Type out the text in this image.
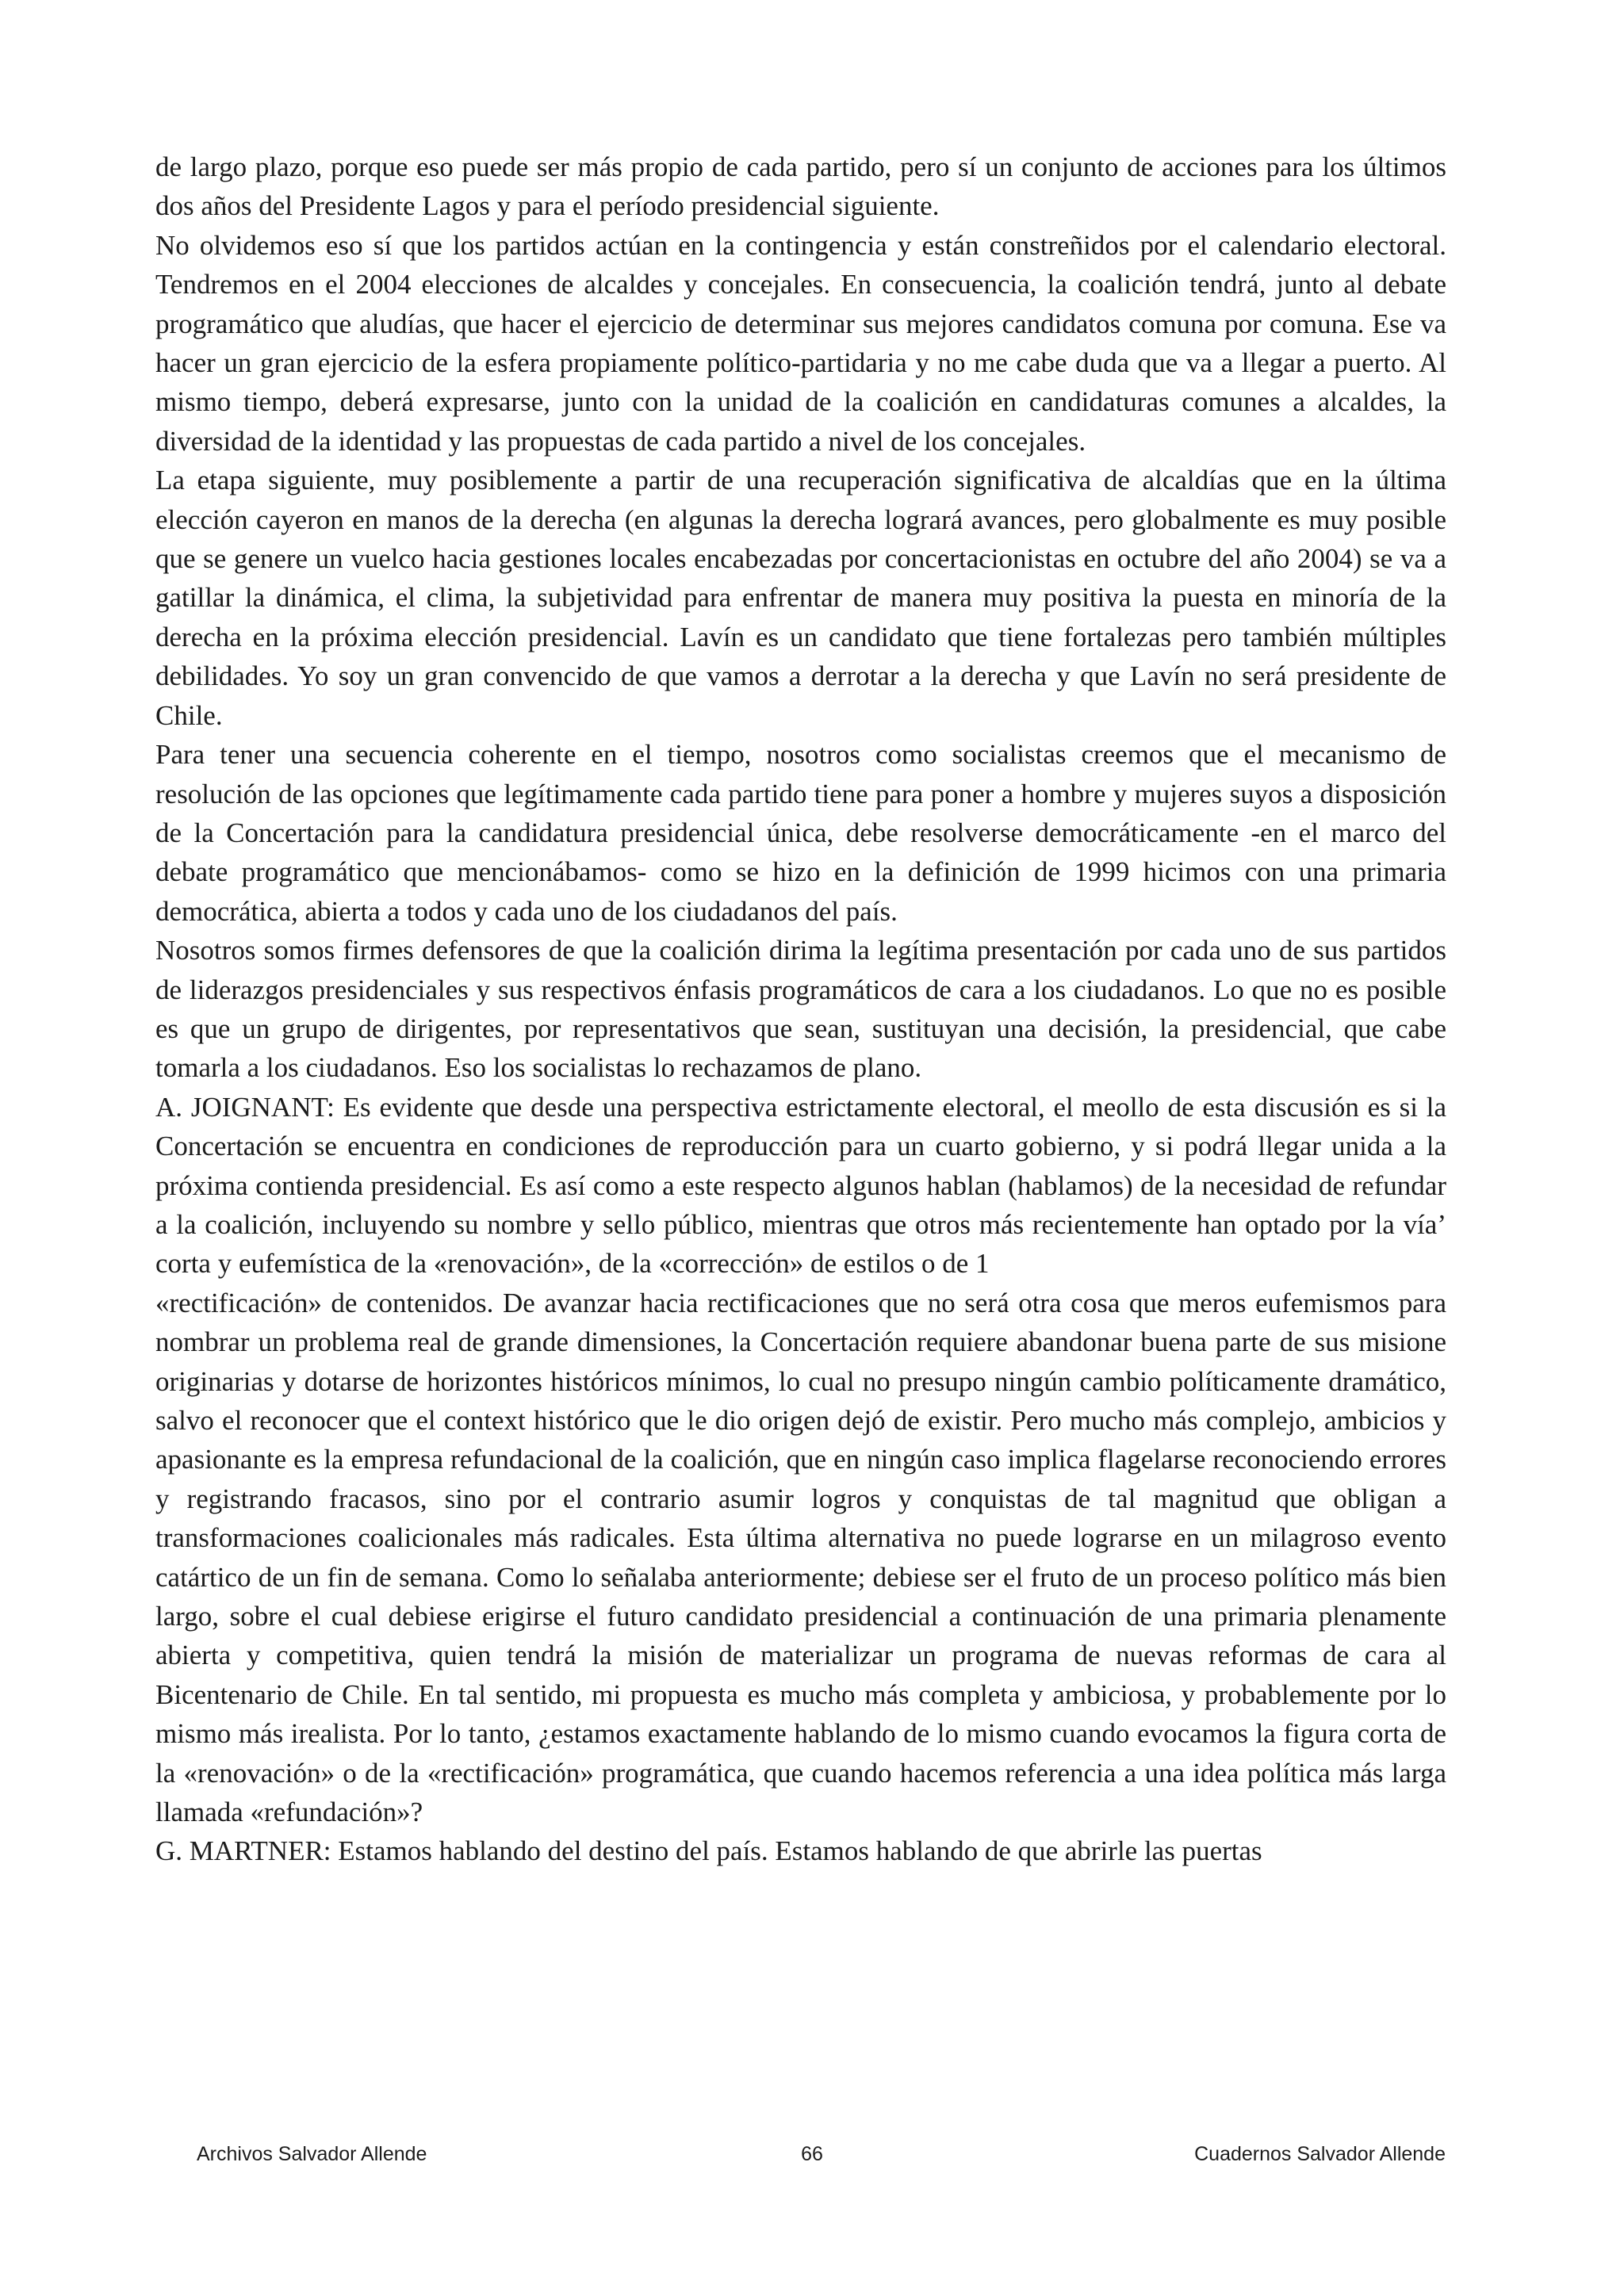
de largo plazo, porque eso puede ser más propio de cada partido, pero sí un conjunto de acciones para los últimos dos años del Presidente Lagos y para el período presidencial siguiente.

No olvidemos eso sí que los partidos actúan en la contingencia y están constreñidos por el calendario electoral. Tendremos en el 2004 elecciones de alcaldes y concejales. En consecuencia, la coalición tendrá, junto al debate programático que aludías, que hacer el ejercicio de determinar sus mejores candidatos comuna por comuna. Ese va hacer un gran ejercicio de la esfera propiamente político-partidaria y no me cabe duda que va a llegar a puerto. Al mismo tiempo, deberá expresarse, junto con la unidad de la coalición en candidaturas comunes a alcaldes, la diversidad de la identidad y las propuestas de cada partido a nivel de los concejales.

La etapa siguiente, muy posiblemente a partir de una recuperación significativa de alcaldías que en la última elección cayeron en manos de la derecha (en algunas la derecha logrará avances, pero globalmente es muy posible que se genere un vuelco hacia gestiones locales encabezadas por concertacionistas en octubre del año 2004) se va a gatillar la dinámica, el clima, la subjetividad para enfrentar de manera muy positiva la puesta en minoría de la derecha en la próxima elección presidencial. Lavín es un candidato que tiene fortalezas pero también múltiples debilidades. Yo soy un gran convencido de que vamos a derrotar a la derecha y que Lavín no será presidente de Chile.

Para tener una secuencia coherente en el tiempo, nosotros como socialistas creemos que el mecanismo de resolución de las opciones que legítimamente cada partido tiene para poner a hombre y mujeres suyos a disposición de la Concertación para la candidatura presidencial única, debe resolverse democráticamente -en el marco del debate programático que mencionábamos- como se hizo en la definición de 1999 hicimos con una primaria democrática, abierta a todos y cada uno de los ciudadanos del país.

Nosotros somos firmes defensores de que la coalición dirima la legítima presentación por cada uno de sus partidos de liderazgos presidenciales y sus respectivos énfasis programáticos de cara a los ciudadanos. Lo que no es posible es que un grupo de dirigentes, por representativos que sean, sustituyan una decisión, la presidencial, que cabe tomarla a los ciudadanos. Eso los socialistas lo rechazamos de plano.

A. JOIGNANT: Es evidente que desde una perspectiva estrictamente electoral, el meollo de esta discusión es si la Concertación se encuentra en condiciones de reproducción para un cuarto gobierno, y si podrá llegar unida a la próxima contienda presidencial. Es así como a este respecto algunos hablan (hablamos) de la necesidad de refundar a la coalición, incluyendo su nombre y sello público, mientras que otros más recientemente han optado por la vía’ corta y eufemística de la «renovación», de la «corrección» de estilos o de 1

«rectificación» de contenidos. De avanzar hacia rectificaciones que no será otra cosa que meros eufemismos para nombrar un problema real de grande dimensiones, la Concertación requiere abandonar buena parte de sus misione originarias y dotarse de horizontes históricos mínimos, lo cual no presupo ningún cambio políticamente dramático, salvo el reconocer que el context histórico que le dio origen dejó de existir. Pero mucho más complejo, ambicios y apasionante es la empresa refundacional de la coalición, que en ningún caso implica flagelarse reconociendo errores y registrando fracasos, sino por el contrario asumir logros y conquistas de tal magnitud que obligan a transformaciones coalicionales más radicales. Esta última alternativa no puede lograrse en un milagroso evento catártico de un fin de semana. Como lo señalaba anteriormente; debiese ser el fruto de un proceso político más bien largo, sobre el cual debiese erigirse el futuro candidato presidencial a continuación de una primaria plenamente abierta y competitiva, quien tendrá la misión de materializar un programa de nuevas reformas de cara al Bicentenario de Chile. En tal sentido, mi propuesta es mucho más completa y ambiciosa, y probablemente por lo mismo más irealista. Por lo tanto, ¿estamos exactamente hablando de lo mismo cuando evocamos la figura corta de la «renovación» o de la «rectificación» programática, que cuando hacemos referencia a una idea política más larga llamada «refundación»?

G. MARTNER: Estamos hablando del destino del país. Estamos hablando de que abrirle las puertas

Archivos Salvador Allende	66	Cuadernos Salvador Allende
